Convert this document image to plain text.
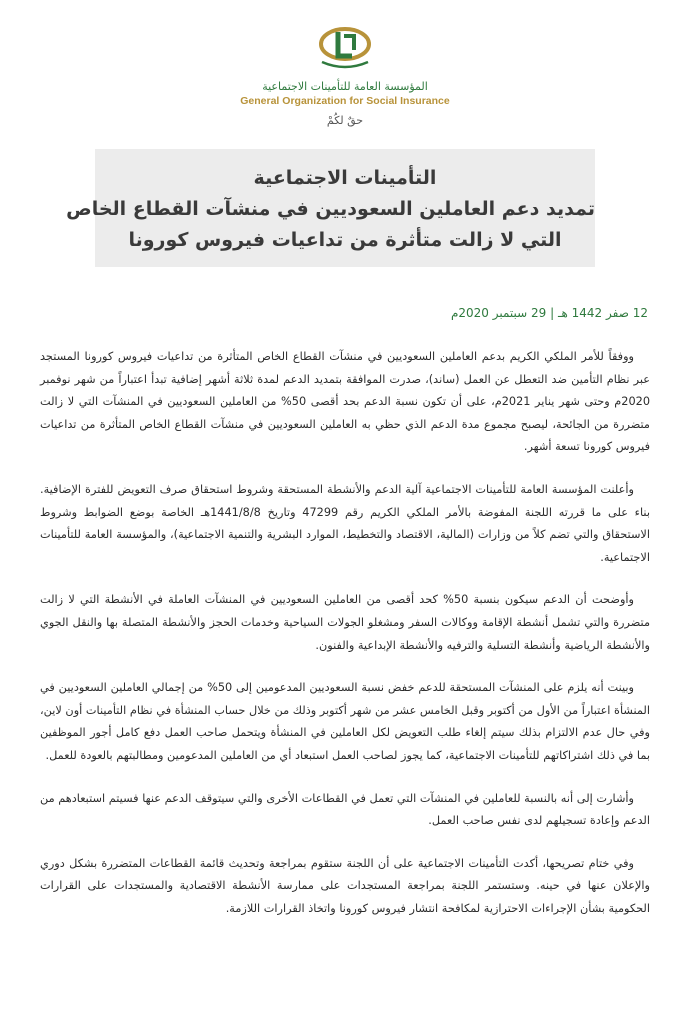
المؤسسة العامة للتأمينات الاجتماعية
General Organization for Social Insurance
حقٌ لكُمْ
التأمينات الاجتماعية
تمديد دعم العاملين السعوديين في منشآت القطاع الخاص
التي لا زالت متأثرة من تداعيات فيروس كورونا
12 صفر 1442 هـ | 29 سبتمبر 2020م

ووفقاً للأمر الملكي الكريم بدعم العاملين السعوديين في منشآت القطاع الخاص المتأثرة من تداعيات فيروس كورونا المستجد عبر نظام التأمين ضد التعطل عن العمل (ساند)، صدرت الموافقة بتمديد الدعم لمدة ثلاثة أشهر إضافية تبدأ اعتباراً من شهر نوفمبر 2020م وحتى شهر يناير 2021م، على أن تكون نسبة الدعم بحد أقصى 50% من العاملين السعوديين في المنشآت التي لا زالت متضررة من الجائحة، ليصبح مجموع مدة الدعم الذي حظي به العاملين السعوديين في منشآت القطاع الخاص المتأثرة من تداعيات فيروس كورونا تسعة أشهر.

وأعلنت المؤسسة العامة للتأمينات الاجتماعية آلية الدعم والأنشطة المستحقة وشروط استحقاق صرف التعويض للفترة الإضافية. بناء على ما قررته اللجنة المفوضة بالأمر الملكي الكريم رقم 47299 وتاريخ 1441/8/8هـ الخاصة بوضع الضوابط وشروط الاستحقاق والتي تضم كلاً من وزارات (المالية، الاقتصاد والتخطيط، الموارد البشرية والتنمية الاجتماعية)، والمؤسسة العامة للتأمينات الاجتماعية.

وأوضحت أن الدعم سيكون بنسبة 50% كحد أقصى من العاملين السعوديين في المنشآت العاملة في الأنشطة التي لا زالت متضررة والتي تشمل أنشطة الإقامة ووكالات السفر ومشغلو الجولات السياحية وخدمات الحجز والأنشطة المتصلة بها والنقل الجوي والأنشطة الرياضية وأنشطة التسلية والترفيه والأنشطة الإبداعية والفنون.

وبينت أنه يلزم على المنشآت المستحقة للدعم خفض نسبة السعوديين المدعومين إلى 50% من إجمالي العاملين السعوديين في المنشأة اعتباراً من الأول من أكتوبر وقبل الخامس عشر من شهر أكتوبر وذلك من خلال حساب المنشأة في نظام التأمينات أون لاين، وفي حال عدم الالتزام بذلك سيتم إلغاء طلب التعويض لكل العاملين في المنشأة ويتحمل صاحب العمل دفع كامل أجور الموظفين بما في ذلك اشتراكاتهم للتأمينات الاجتماعية، كما يجوز لصاحب العمل استبعاد أي من العاملين المدعومين ومطالبتهم بالعودة للعمل.

وأشارت إلى أنه بالنسبة للعاملين في المنشآت التي تعمل في القطاعات الأخرى والتي سيتوقف الدعم عنها فسيتم استبعادهم من الدعم وإعادة تسجيلهم لدى نفس صاحب العمل.

وفي ختام تصريحها، أكدت التأمينات الاجتماعية على أن اللجنة ستقوم بمراجعة وتحديث قائمة القطاعات المتضررة بشكل دوري والإعلان عنها في حينه. وستستمر اللجنة بمراجعة المستجدات على ممارسة الأنشطة الاقتصادية والمستجدات على القرارات الحكومية بشأن الإجراءات الاحترازية لمكافحة انتشار فيروس كورونا واتخاذ القرارات اللازمة.
